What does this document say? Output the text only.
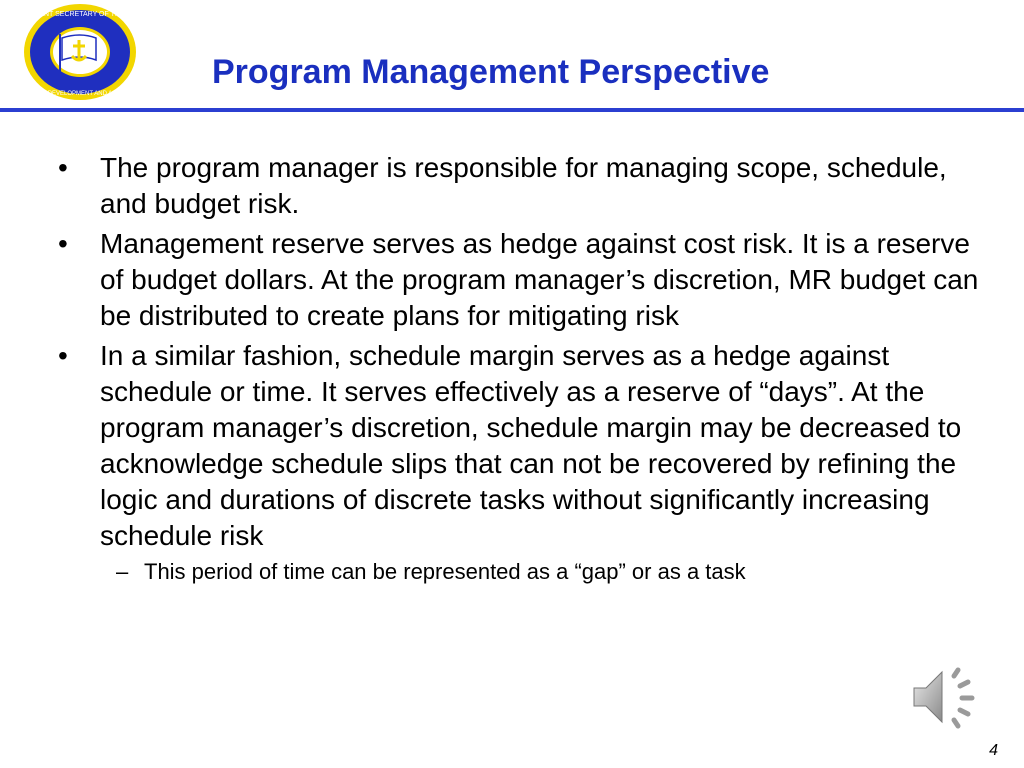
ASSISTANT SECRETARY OF THE NAVY
RESEARCH DEVELOPMENT AND ACQUISITION
Program Management Perspective
• The program manager is responsible for managing scope, schedule, and budget risk.
• Management reserve serves as hedge against cost risk. It is a reserve of budget dollars. At the program manager’s discretion, MR budget can be distributed to create plans for mitigating risk
• In a similar fashion, schedule margin serves as a hedge against schedule or time. It serves effectively as a reserve of “days”. At the program manager’s discretion, schedule margin may be decreased to acknowledge schedule slips that can not be recovered by refining the logic and durations of discrete tasks without significantly increasing schedule risk
– This period of time can be represented as a “gap” or as a task
4
